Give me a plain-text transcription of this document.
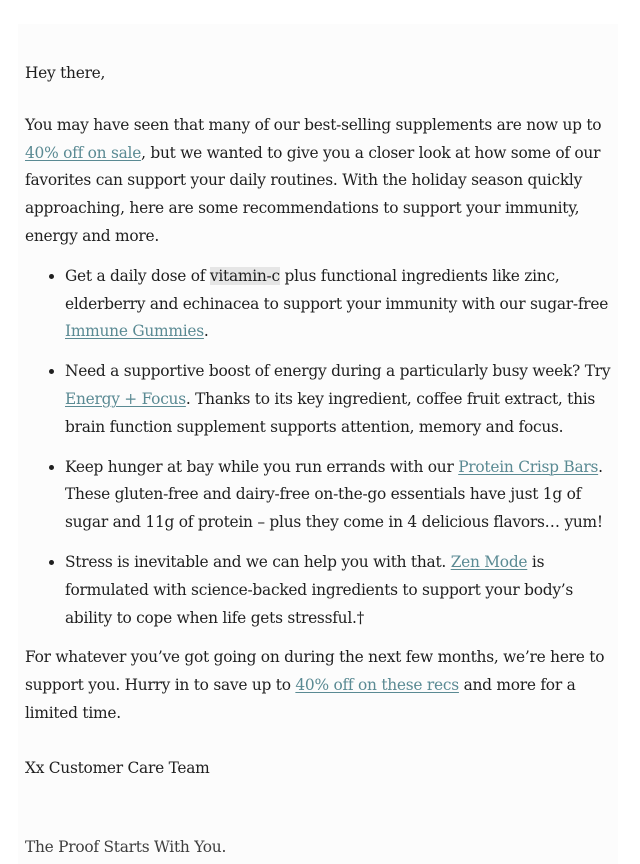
Hey there,

You may have seen that many of our best-selling supplements are now up to 40% off on sale, but we wanted to give you a closer look at how some of our favorites can support your daily routines. With the holiday season quickly approaching, here are some recommendations to support your immunity, energy and more.

Get a daily dose of vitamin-c plus functional ingredients like zinc, elderberry and echinacea to support your immunity with our sugar-free Immune Gummies.
Need a supportive boost of energy during a particularly busy week? Try Energy + Focus. Thanks to its key ingredient, coffee fruit extract, this brain function supplement supports attention, memory and focus.
Keep hunger at bay while you run errands with our Protein Crisp Bars. These gluten-free and dairy-free on-the-go essentials have just 1g of sugar and 11g of protein – plus they come in 4 delicious flavors… yum!
Stress is inevitable and we can help you with that. Zen Mode is formulated with science-backed ingredients to support your body’s ability to cope when life gets stressful.†

For whatever you’ve got going on during the next few months, we’re here to support you. Hurry in to save up to 40% off on these recs and more for a limited time.

Xx Customer Care Team

The Proof Starts With You.
